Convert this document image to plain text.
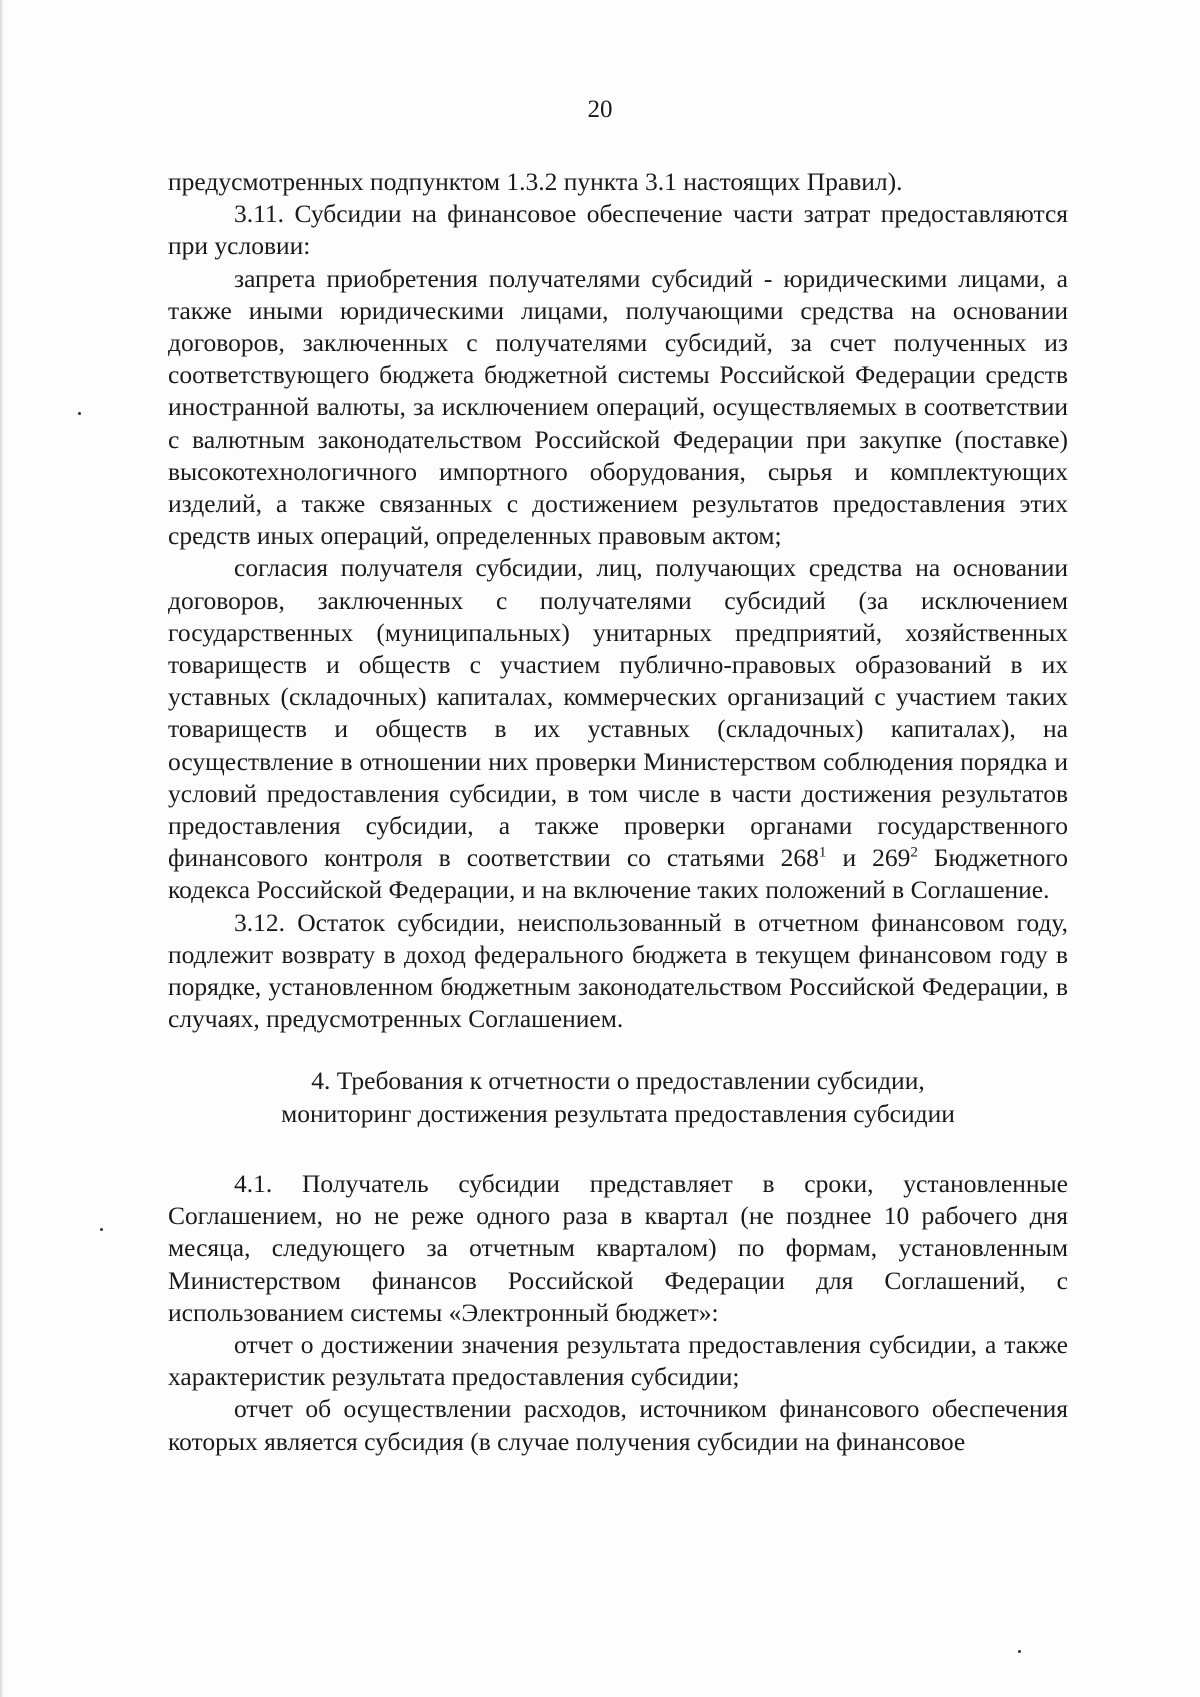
20

предусмотренных подпунктом 1.3.2 пункта 3.1 настоящих Правил).

3.11. Субсидии на финансовое обеспечение части затрат предоставляются при условии:

запрета приобретения получателями субсидий - юридическими лицами, а также иными юридическими лицами, получающими средства на основании договоров, заключенных с получателями субсидий, за счет полученных из соответствующего бюджета бюджетной системы Российской Федерации средств иностранной валюты, за исключением операций, осуществляемых в соответствии с валютным законодательством Российской Федерации при закупке (поставке) высокотехнологичного импортного оборудования, сырья и комплектующих изделий, а также связанных с достижением результатов предоставления этих средств иных операций, определенных правовым актом;

согласия получателя субсидии, лиц, получающих средства на основании договоров, заключенных с получателями субсидий (за исключением государственных (муниципальных) унитарных предприятий, хозяйственных товариществ и обществ с участием публично-правовых образований в их уставных (складочных) капиталах, коммерческих организаций с участием таких товариществ и обществ в их уставных (складочных) капиталах), на осуществление в отношении них проверки Министерством соблюдения порядка и условий предоставления субсидии, в том числе в части достижения результатов предоставления субсидии, а также проверки органами государственного финансового контроля в соответствии со статьями $268^1$ и $269^2$ Бюджетного кодекса Российской Федерации, и на включение таких положений в Соглашение.

3.12. Остаток субсидии, неиспользованный в отчетном финансовом году, подлежит возврату в доход федерального бюджета в текущем финансовом году в порядке, установленном бюджетным законодательством Российской Федерации, в случаях, предусмотренных Соглашением.

4. Требования к отчетности о предоставлении субсидии,
мониторинг достижения результата предоставления субсидии

4.1. Получатель субсидии представляет в сроки, установленные Соглашением, но не реже одного раза в квартал (не позднее 10 рабочего дня месяца, следующего за отчетным кварталом) по формам, установленным Министерством финансов Российской Федерации для Соглашений, с использованием системы «Электронный бюджет»:

отчет о достижении значения результата предоставления субсидии, а также характеристик результата предоставления субсидии;

отчет об осуществлении расходов, источником финансового обеспечения которых является субсидия (в случае получения субсидии на финансовое
